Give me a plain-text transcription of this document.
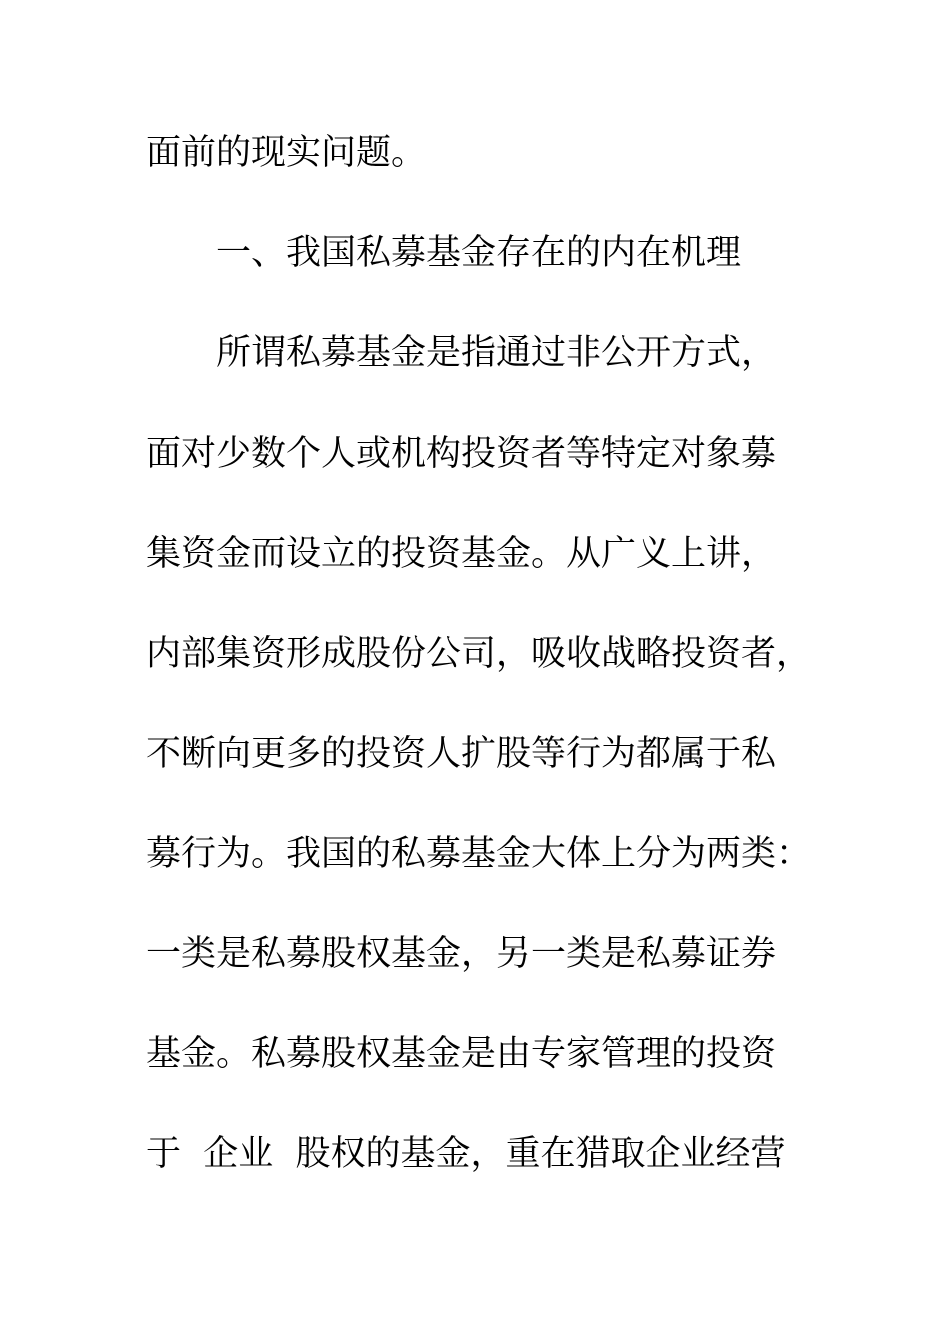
面前的现实问题。
一、我国私募基金存在的内在机理
所谓私募基金是指通过非公开方式，
面对少数个人或机构投资者等特定对象募
集资金而设立的投资基金。从广义上讲，
内部集资形成股份公司，吸收战略投资者，
不断向更多的投资人扩股等行为都属于私
募行为。我国的私募基金大体上分为两类：
一类是私募股权基金，另一类是私募证券
基金。私募股权基金是由专家管理的投资
于  企业  股权的基金，重在猎取企业经营
